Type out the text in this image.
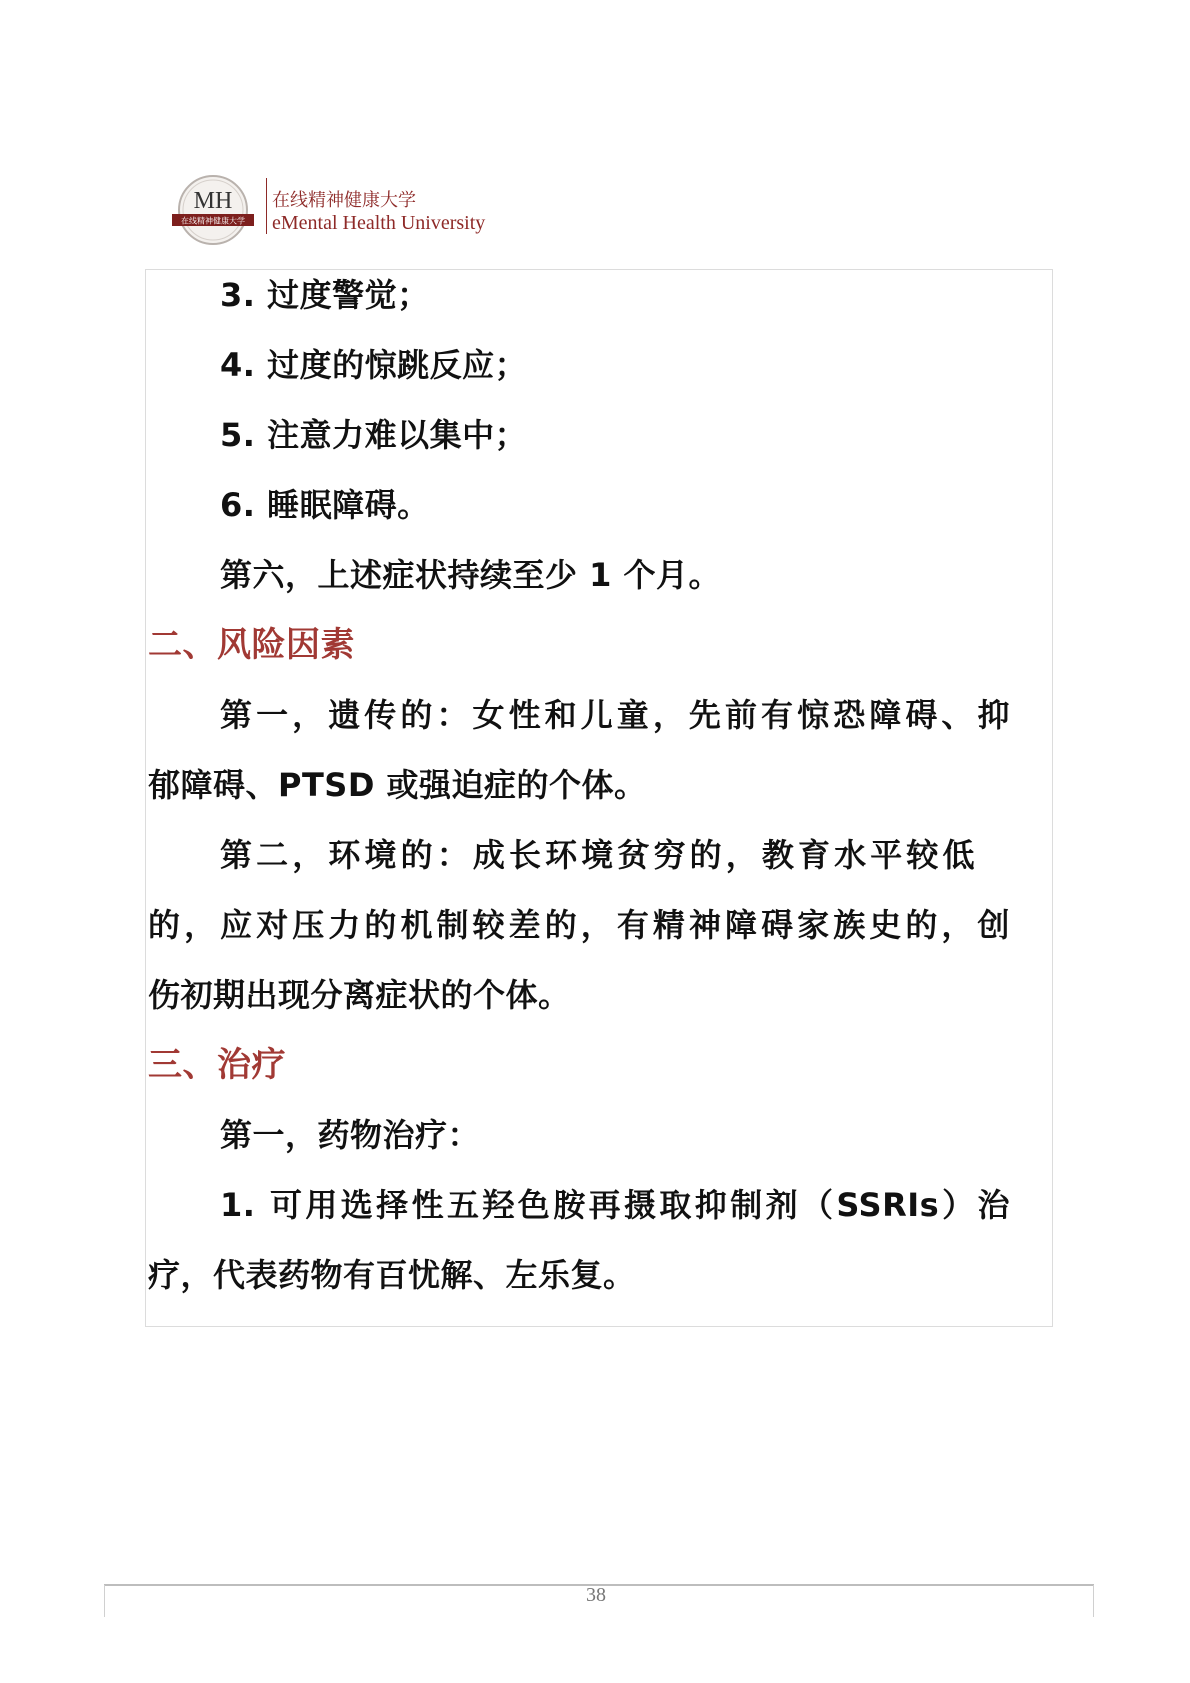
MH
在线精神健康大学
在线精神健康大学
eMental Health University
3. 过度警觉；
4. 过度的惊跳反应；
5. 注意力难以集中；
6. 睡眠障碍。
第六，上述症状持续至少 1 个月。
二、风险因素
第一，遗传的：女性和儿童，先前有惊恐障碍、抑
郁障碍、PTSD 或强迫症的个体。
第二，环境的：成长环境贫穷的，教育水平较低
的，应对压力的机制较差的，有精神障碍家族史的，创
伤初期出现分离症状的个体。
三、治疗
第一，药物治疗：
1. 可用选择性五羟色胺再摄取抑制剂（SSRIs）治
疗，代表药物有百忧解、左乐复。
38
